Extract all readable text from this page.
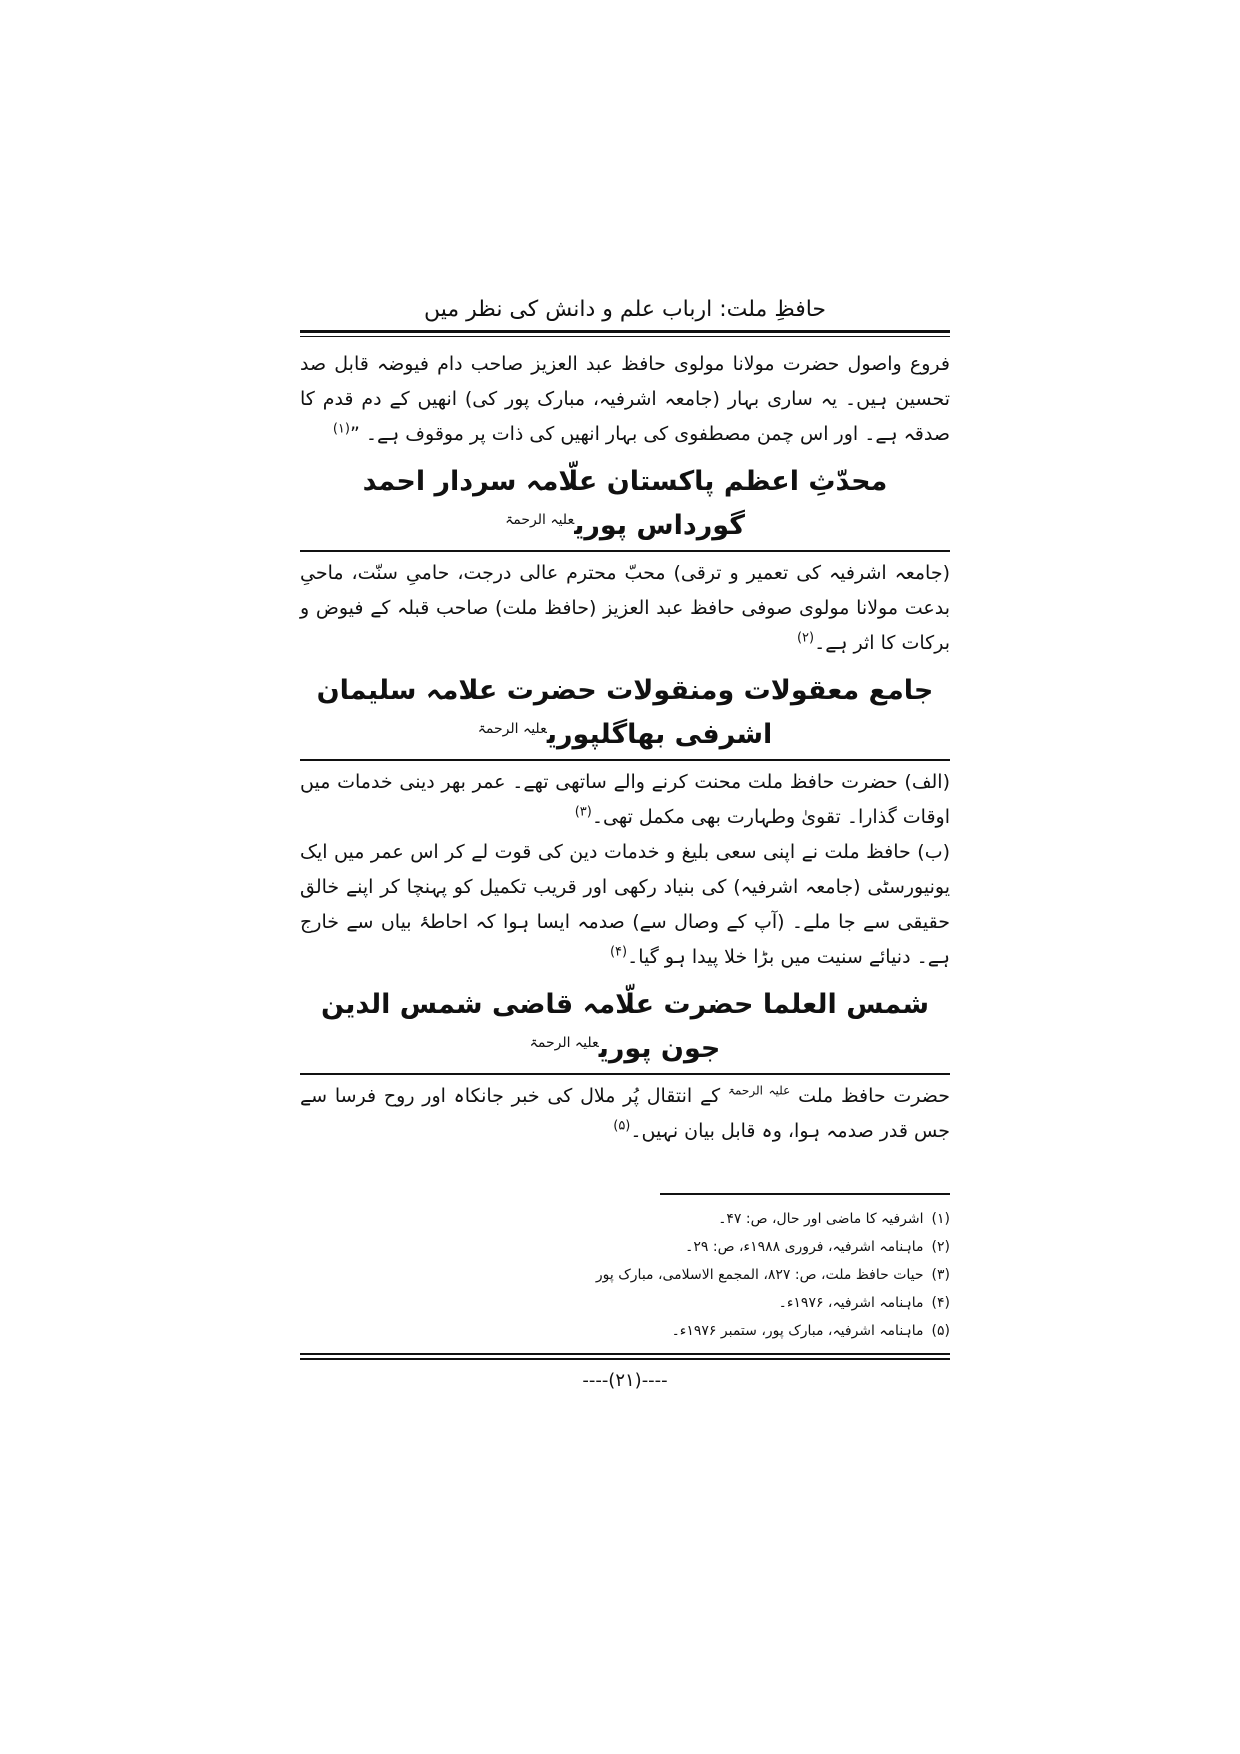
حافظِ ملت: ارباب علم و دانش کی نظر میں

فروع واصول حضرت مولانا مولوی حافظ عبد العزیز صاحب دام فیوضہ قابل صد تحسین ہیں۔ یہ ساری بہار (جامعہ اشرفیہ، مبارک پور کی) انھیں کے دم قدم کا صدقہ ہے۔ اور اس چمن مصطفوی کی بہار انھیں کی ذات پر موقوف ہے۔ ”$^{(۱)}$

محدّثِ اعظم پاکستان علّامہ سردار احمد گورداس پوری$^{علیہ الرحمۃ}$

(جامعہ اشرفیہ کی تعمیر و ترقی) محبّ محترم عالی درجت، حامیِ سنّت، ماحیِ بدعت مولانا مولوی صوفی حافظ عبد العزیز (حافظ ملت) صاحب قبلہ کے فیوض و برکات کا اثر ہے۔$^{(۲)}$

جامع معقولات ومنقولات حضرت علامہ سلیمان اشرفی بھاگلپوری$^{علیہ الرحمۃ}$

(الف) حضرت حافظ ملت محنت کرنے والے ساتھی تھے۔ عمر بھر دینی خدمات میں اوقات گذارا۔ تقویٰ وطہارت بھی مکمل تھی۔$^{(۳)}$

(ب) حافظ ملت نے اپنی سعی بلیغ و خدمات دین کی قوت لے کر اس عمر میں ایک یونیورسٹی (جامعہ اشرفیہ) کی بنیاد رکھی اور قریب تکمیل کو پہنچا کر اپنے خالق حقیقی سے جا ملے۔ (آپ کے وصال سے) صدمہ ایسا ہوا کہ احاطۂ بیاں سے خارج ہے۔ دنیائے سنیت میں بڑا خلا پیدا ہو گیا۔$^{(۴)}$

شمس العلما حضرت علّامہ قاضی شمس الدین جون پوری$^{علیہ الرحمۃ}$

حضرت حافظ ملت $^{علیہ الرحمۃ}$ کے انتقال پُر ملال کی خبر جانکاہ اور روح فرسا سے جس قدر صدمہ ہوا، وہ قابل بیان نہیں۔$^{(۵)}$

(۱)اشرفیہ کا ماضی اور حال، ص: ۴۷۔
(۲)ماہنامہ اشرفیہ، فروری ۱۹۸۸ء، ص: ۲۹۔
(۳)حیات حافظ ملت، ص: ۸۲۷، المجمع الاسلامی، مبارک پور
(۴)ماہنامہ اشرفیہ، ۱۹۷۶ء۔
(۵)ماہنامہ اشرفیہ، مبارک پور، ستمبر ۱۹۷۶ء۔
----(۲۱)----
